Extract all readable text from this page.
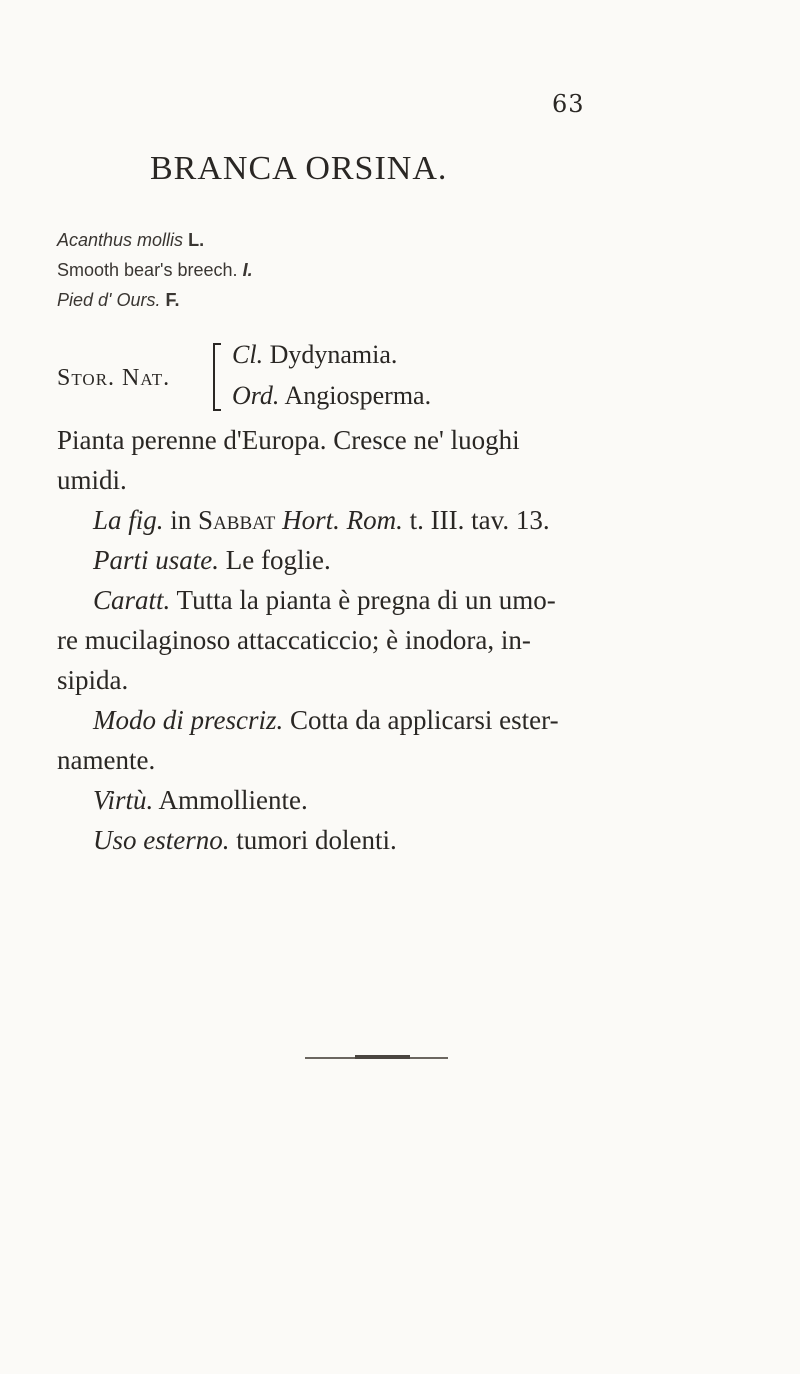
63
BRANCA ORSINA.
Acanthus mollis L.
Smooth bear's breech. I.
Pied d' Ours. F.
Stor. Nat.
Cl. Dydynamia.
Ord. Angiosperma.
Pianta perenne d'Europa. Cresce ne' luoghi
umidi.
La fig. in Sabbat Hort. Rom. t. III. tav. 13.
Parti usate. Le foglie.
Caratt. Tutta la pianta è pregna di un umo-
re mucilaginoso attaccaticcio; è inodora, in-
sipida.
Modo di prescriz. Cotta da applicarsi ester-
namente.
Virtù. Ammolliente.
Uso esterno. tumori dolenti.
